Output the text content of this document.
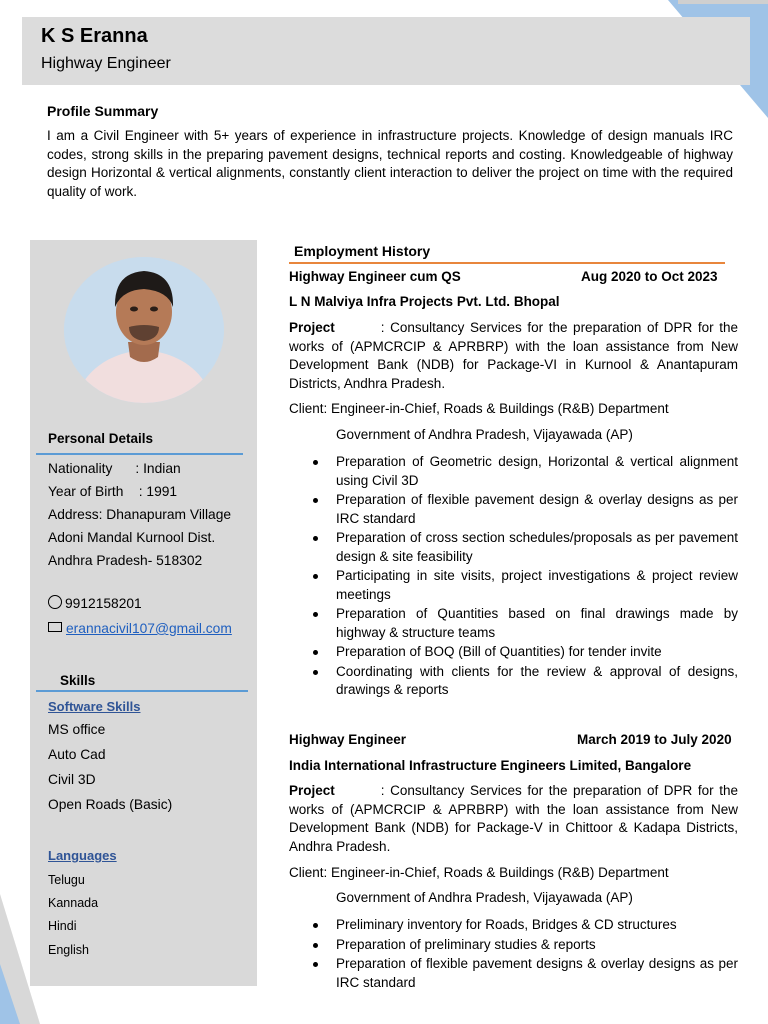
K S Eranna
Highway Engineer
Profile Summary

I am a Civil Engineer with 5+ years of experience in infrastructure projects. Knowledge of design manuals IRC codes, strong skills in the preparing pavement designs, technical reports and costing. Knowledgeable of highway design Horizontal & vertical alignments, constantly client interaction to deliver the project on time with the required quality of work.

Personal Details
Nationality      : Indian
Year of Birth    : 1991
Address: Dhanapuram Village
Adoni Mandal Kurnool Dist.
Andhra Pradesh- 518302
9912158201
erannacivil107@gmail.com
Skills
Software Skills
MS office
Auto Cad
Civil 3D
Open Roads (Basic)
Languages
Telugu
Kannada
Hindi
English
Employment History
Highway Engineer cum QS	Aug 2020 to Oct 2023
L N Malviya Infra Projects Pvt. Ltd. Bhopal

Project	: Consultancy Services for the preparation of DPR for the works of (APMCRCIP & APRBRP) with the loan assistance from New Development Bank (NDB) for Package-VI in Kurnool & Anantapuram Districts, Andhra Pradesh.

Client: Engineer-in-Chief, Roads & Buildings (R&B) Department
Government of Andhra Pradesh, Vijayawada (AP)
Preparation of Geometric design, Horizontal & vertical alignment using Civil 3D
Preparation of flexible pavement design & overlay designs as per IRC standard
Preparation of cross section schedules/proposals as per pavement design & site feasibility
Participating in site visits, project investigations & project review meetings
Preparation of Quantities based on final drawings made by highway & structure teams
Preparation of BOQ (Bill of Quantities) for tender invite
Coordinating with clients for the review & approval of designs, drawings & reports
Highway Engineer	March 2019 to July 2020
India International Infrastructure Engineers Limited, Bangalore

Project	: Consultancy Services for the preparation of DPR for the works of (APMCRCIP & APRBRP) with the loan assistance from New Development Bank (NDB) for Package-V in Chittoor & Kadapa Districts, Andhra Pradesh.

Client: Engineer-in-Chief, Roads & Buildings (R&B) Department
Government of Andhra Pradesh, Vijayawada (AP)
Preliminary inventory for Roads, Bridges & CD structures
Preparation of preliminary studies & reports
Preparation of flexible pavement designs & overlay designs as per IRC standard
